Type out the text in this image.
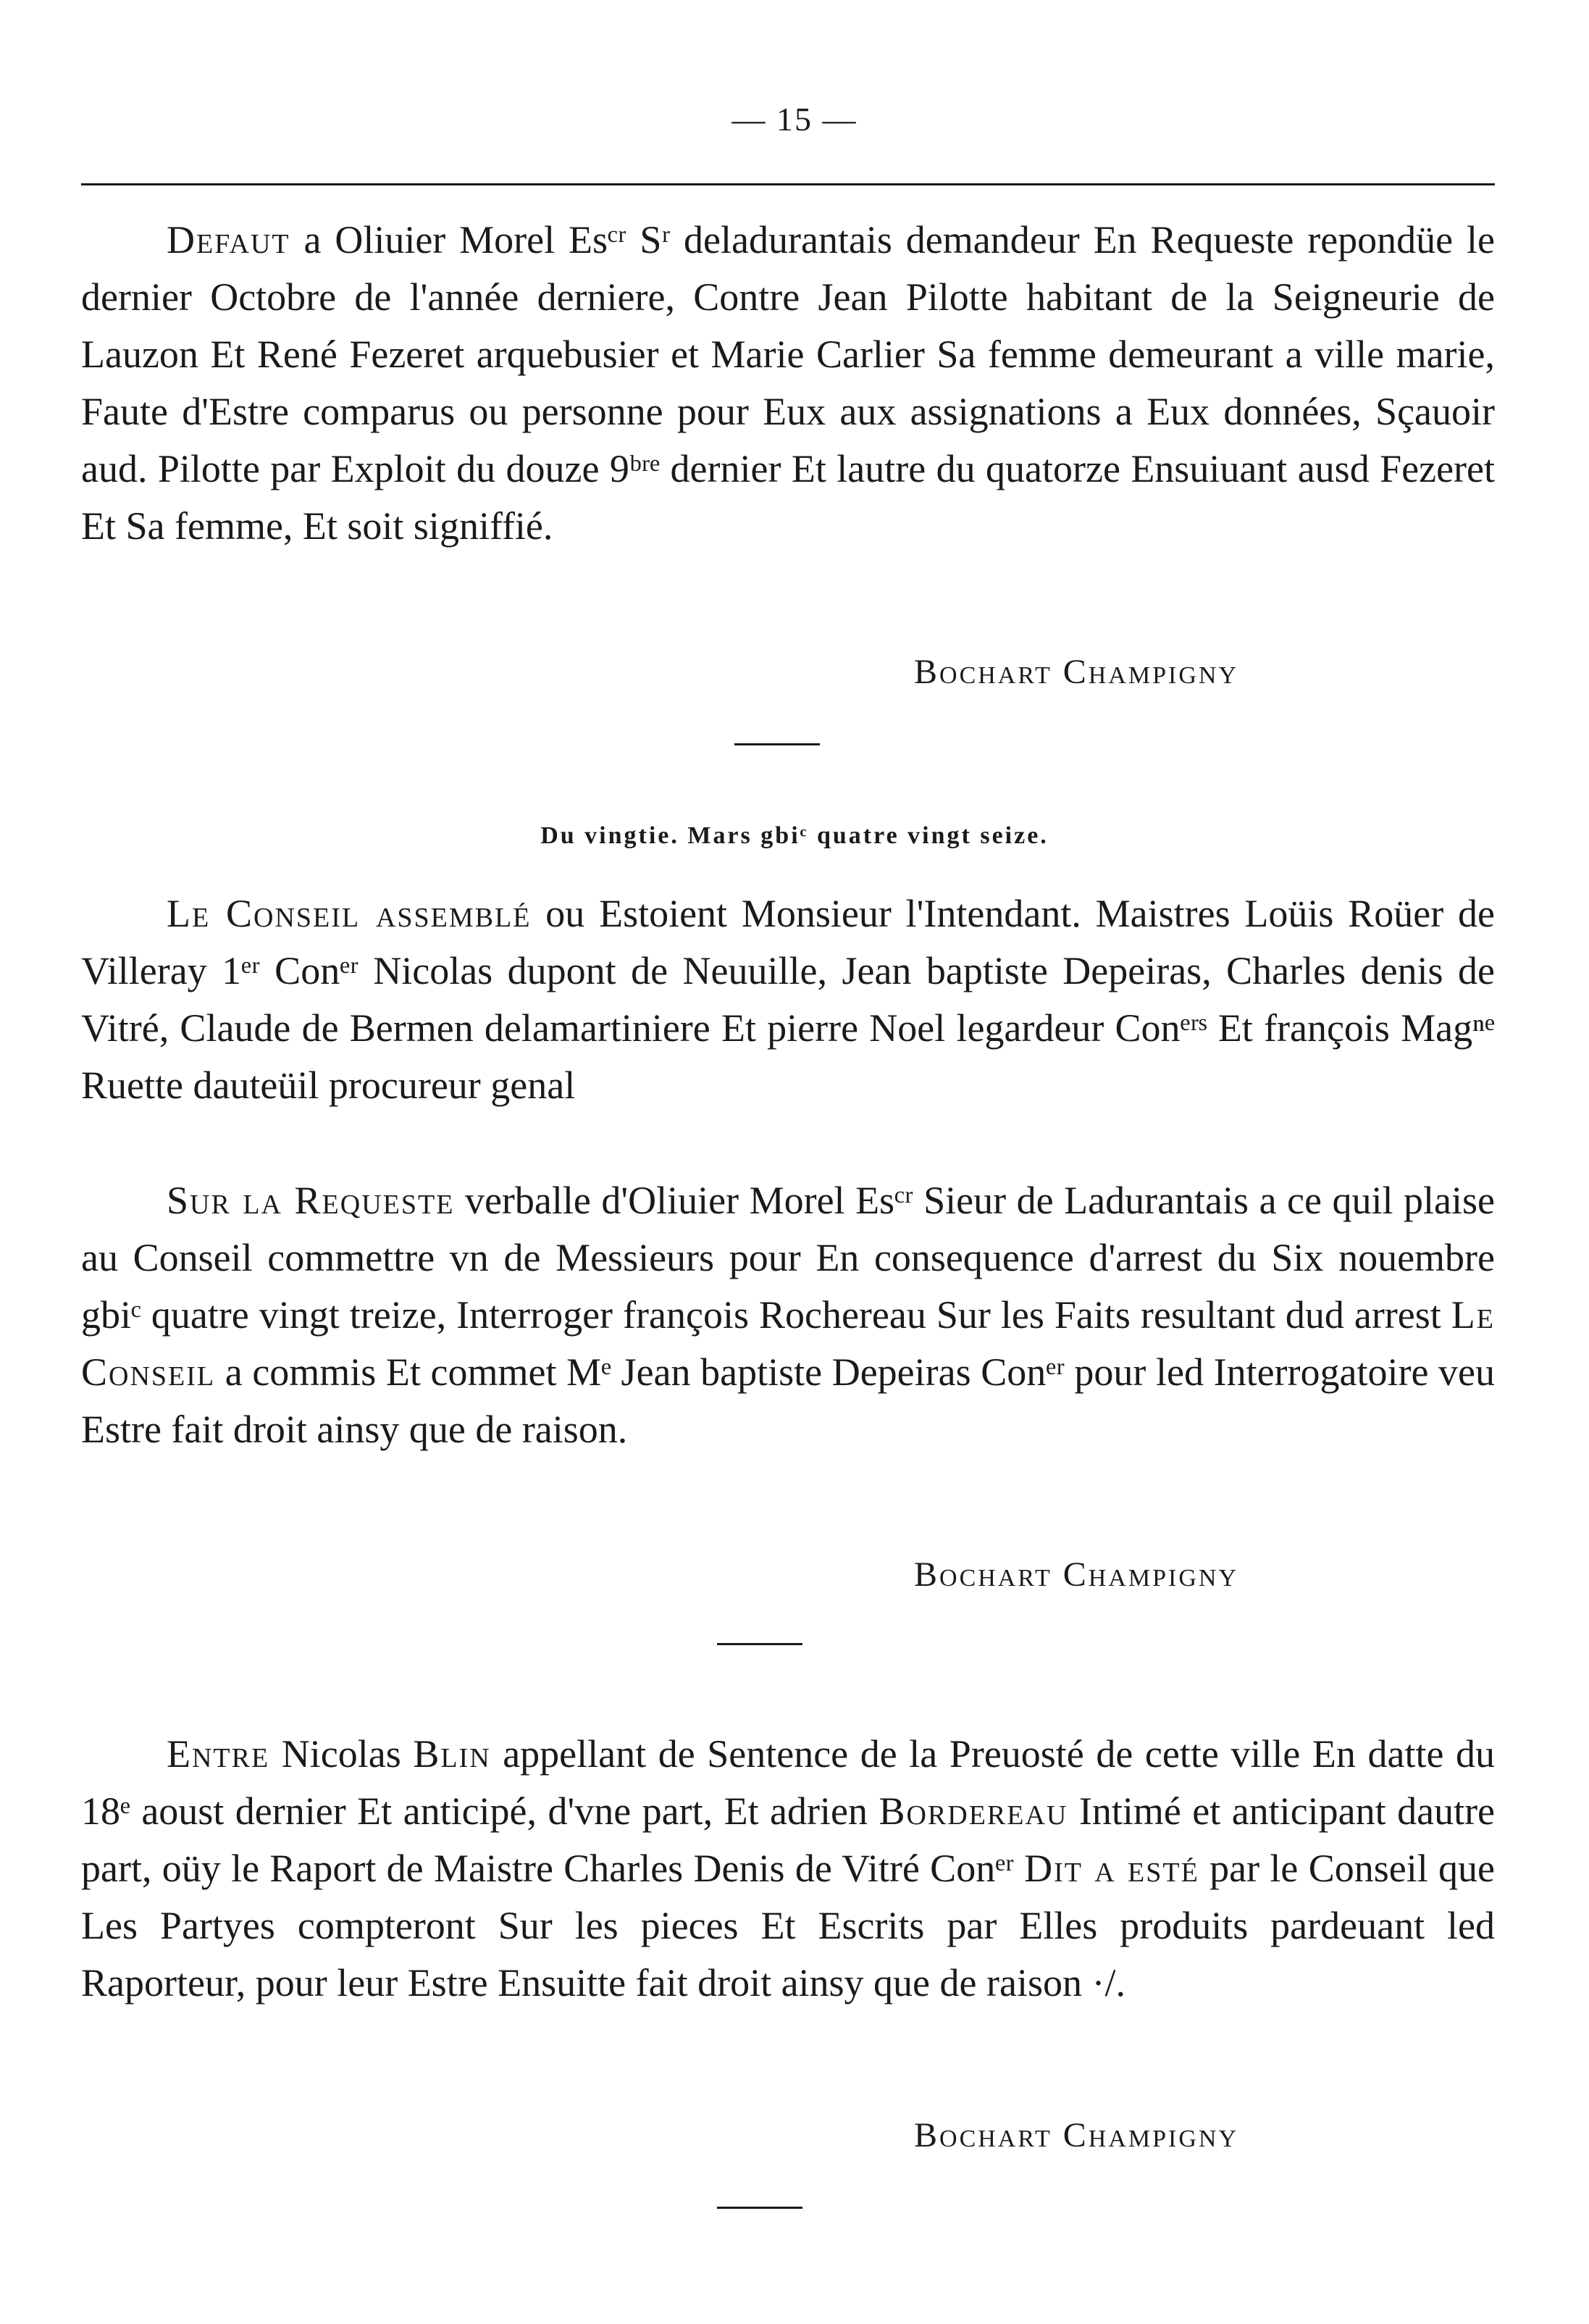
— 15 —

Defaut a Oliuier Morel Esᶜʳ Sʳ deladurantais demandeur En Requeste repondüe le dernier Octobre de l'année derniere, Contre Jean Pilotte habitant de la Seigneurie de Lauzon Et René Fezeret arquebusier et Marie Carlier Sa femme demeurant a ville marie, Faute d'Estre comparus ou personne pour Eux aux assignations a Eux données, Sçauoir aud. Pilotte par Exploit du douze 9ᵇʳᵉ dernier Et lautre du quatorze Ensuiuant ausd Fezeret Et Sa femme, Et soit signiffié.

Bochart Champigny
Du vingtie. Mars gbiᶜ quatre vingt seize.

Le Conseil assemblé ou Estoient Monsieur l'Intendant. Maistres Loüis Roüer de Villeray 1ᵉʳ Conᵉʳ Nicolas dupont de Neuuille, Jean baptiste Depeiras, Charles denis de Vitré, Claude de Bermen delamartiniere Et pierre Noel legardeur Conᵉʳˢ Et françois Magⁿᵉ Ruette dauteüil procureur genal

Sur la Requeste verballe d'Oliuier Morel Esᶜʳ Sieur de Ladurantais a ce quil plaise au Conseil commettre vn de Messieurs pour En consequence d'arrest du Six nouembre gbiᶜ quatre vingt treize, Interroger françois Rochereau Sur les Faits resultant dud arrest Le Conseil a commis Et commet Mᵉ Jean baptiste Depeiras Conᵉʳ pour led Interrogatoire veu Estre fait droit ainsy que de raison.

Bochart Champigny

Entre Nicolas Blin appellant de Sentence de la Preuosté de cette ville En datte du 18ᵉ aoust dernier Et anticipé, d'vne part, Et adrien Bordereau Intimé et anticipant dautre part, oüy le Raport de Maistre Charles Denis de Vitré Conᵉʳ Dit a esté par le Conseil que Les Partyes compteront Sur les pieces Et Escrits par Elles produits pardeuant led Raporteur, pour leur Estre Ensuitte fait droit ainsy que de raison ·/.

Bochart Champigny
